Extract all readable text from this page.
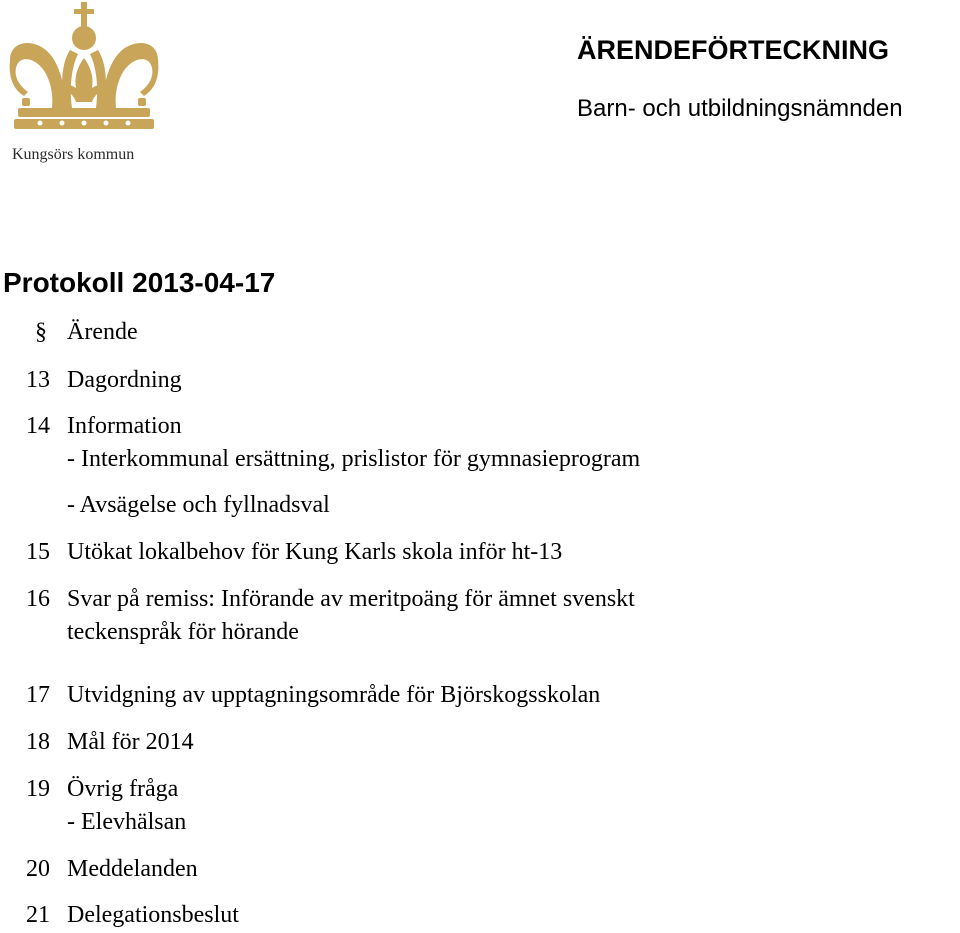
Kungsörs kommun
ÄRENDEFÖRTECKNING
Barn- och utbildningsnämnden
Protokoll 2013-04-17
§ Ärende
13 Dagordning
14 Information
- Interkommunal ersättning, prislistor för gymnasieprogram
- Avsägelse och fyllnadsval
15 Utökat lokalbehov för Kung Karls skola inför ht-13
16 Svar på remiss: Införande av meritpoäng för ämnet svenskt
teckenspråk för hörande
17 Utvidgning av upptagningsområde för Björskogsskolan
18 Mål för 2014
19 Övrig fråga
- Elevhälsan
20 Meddelanden
21 Delegationsbeslut
